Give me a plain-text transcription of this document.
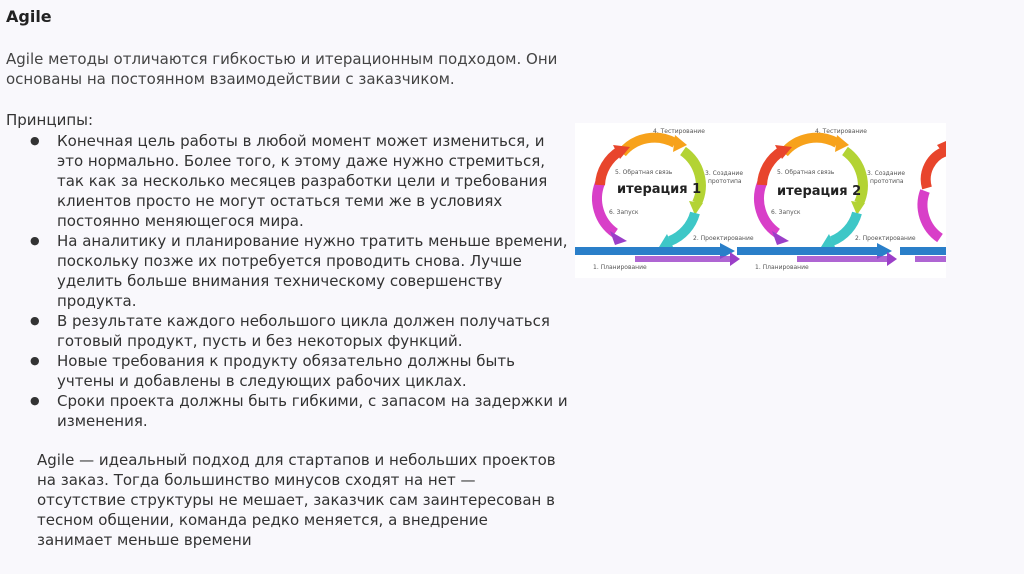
Agile
Agile методы отличаются гибкостью и итерационным подходом. Они основаны на постоянном взаимодействии с заказчиком.
Принципы:
● Конечная цель работы в любой момент может измениться, и это нормально. Более того, к этому даже нужно стремиться, так как за несколько месяцев разработки цели и требования клиентов просто не могут остаться теми же в условиях постоянно меняющегося мира.
● На аналитику и планирование нужно тратить меньше времени, поскольку позже их потребуется проводить снова. Лучше уделить больше внимания техническому совершенству продукта.
● В результате каждого небольшого цикла должен получаться готовый продукт, пусть и без некоторых функций.
● Новые требования к продукту обязательно должны быть учтены и добавлены в следующих рабочих циклах.
● Сроки проекта должны быть гибкими, с запасом на задержки и изменения.
Agile — идеальный подход для стартапов и небольших проектов на заказ. Тогда большинство минусов сходят на нет — отсутствие структуры не мешает, заказчик сам заинтересован в тесном общении, команда редко меняется, а внедрение занимает меньше времени
итерация 1
4. Тестирование
5. Обратная связь	3. Создание
прототипа
6. Запуск
2. Проектирование
1. Планирование
итерация 2
4. Тестирование
5. Обратная связь	3. Создание
прототипа
6. Запуск
2. Проектирование
1. Планирование
